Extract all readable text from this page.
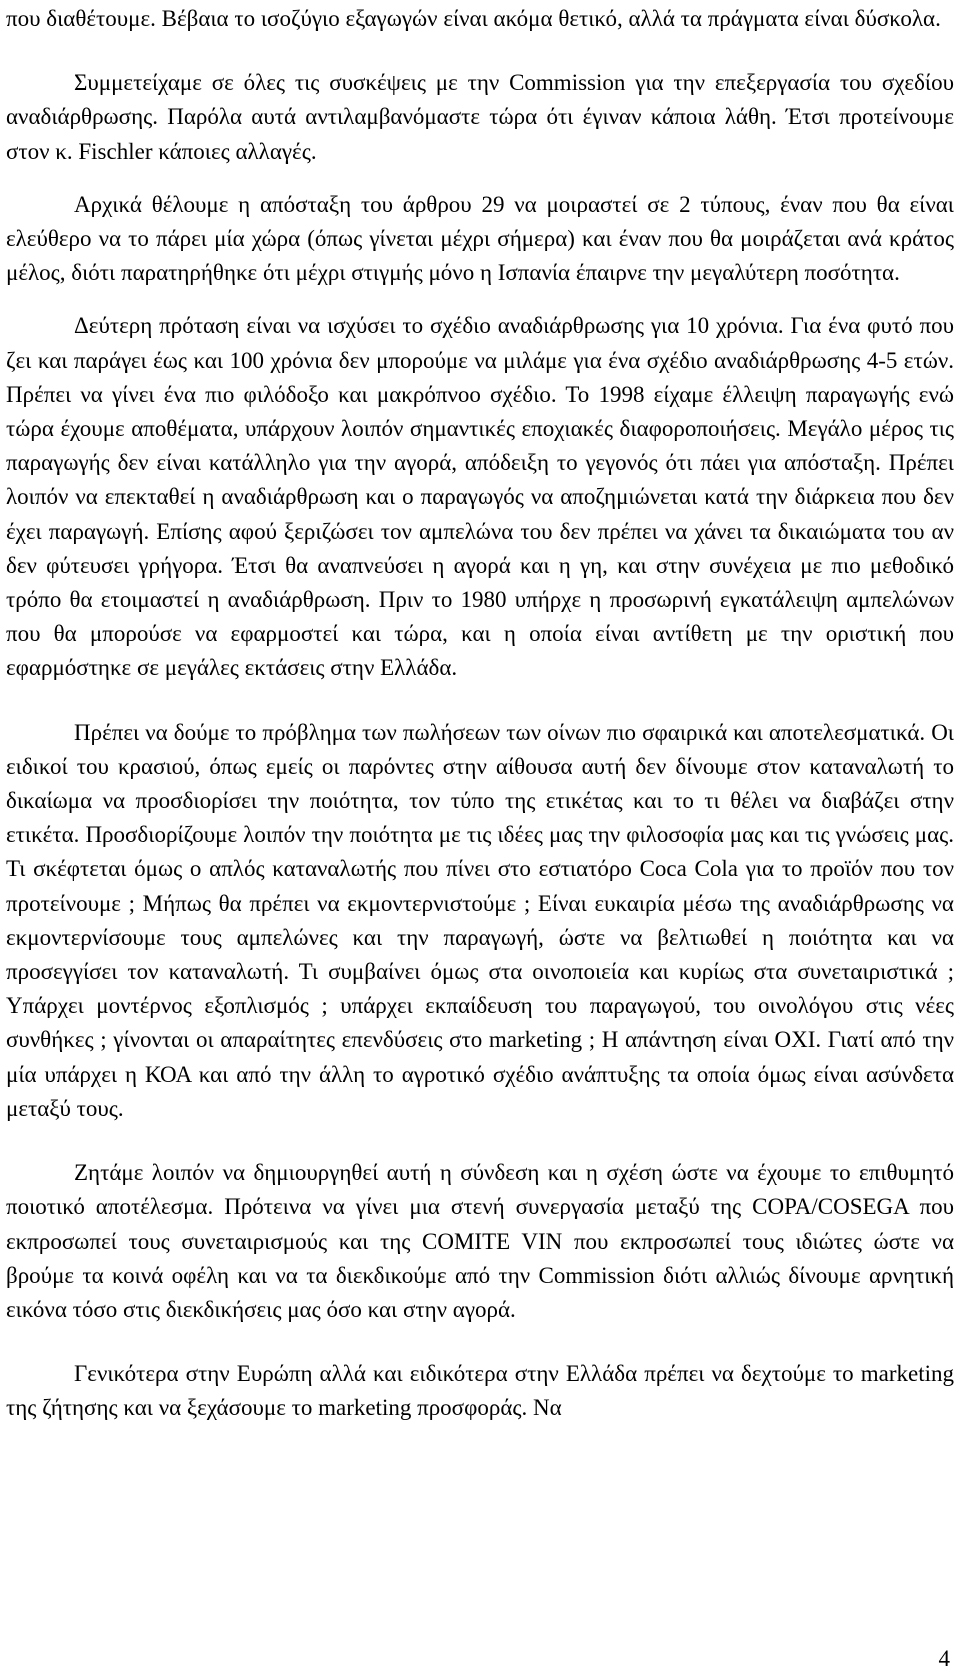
που διαθέτουμε. Βέβαια το ισοζύγιο εξαγωγών είναι ακόμα θετικό, αλλά τα πράγματα είναι δύσκολα.

Συμμετείχαμε σε όλες τις συσκέψεις με την Commission για την επεξεργασία του σχεδίου αναδιάρθρωσης. Παρόλα αυτά αντιλαμβανόμαστε τώρα ότι έγιναν κάποια λάθη. Έτσι προτείνουμε στον κ. Fischler κάποιες αλλαγές.

Αρχικά θέλουμε η απόσταξη του άρθρου 29 να μοιραστεί σε 2 τύπους, έναν που θα είναι ελεύθερο να το πάρει μία χώρα (όπως γίνεται μέχρι σήμερα) και έναν που θα μοιράζεται ανά κράτος μέλος, διότι παρατηρήθηκε ότι μέχρι στιγμής μόνο η Ισπανία έπαιρνε την μεγαλύτερη ποσότητα.

Δεύτερη πρόταση είναι να ισχύσει το σχέδιο αναδιάρθρωσης για 10 χρόνια. Για ένα φυτό που ζει και παράγει έως και 100 χρόνια δεν μπορούμε να μιλάμε για ένα σχέδιο αναδιάρθρωσης 4-5 ετών. Πρέπει να γίνει ένα πιο φιλόδοξο και μακρόπνοο σχέδιο. Το 1998 είχαμε έλλειψη παραγωγής ενώ τώρα έχουμε αποθέματα, υπάρχουν λοιπόν σημαντικές εποχιακές διαφοροποιήσεις. Μεγάλο μέρος τις παραγωγής δεν είναι κατάλληλο για την αγορά, απόδειξη το γεγονός ότι πάει για απόσταξη. Πρέπει λοιπόν να επεκταθεί η αναδιάρθρωση και ο παραγωγός να αποζημιώνεται κατά την διάρκεια που δεν έχει παραγωγή. Επίσης αφού ξεριζώσει τον αμπελώνα του δεν πρέπει να χάνει τα δικαιώματα του αν δεν φύτευσει γρήγορα. Έτσι θα αναπνεύσει η αγορά και η γη, και στην συνέχεια με πιο μεθοδικό τρόπο θα ετοιμαστεί η αναδιάρθρωση. Πριν το 1980 υπήρχε η προσωρινή εγκατάλειψη αμπελώνων που θα μπορούσε να εφαρμοστεί και τώρα, και η οποία είναι αντίθετη με την οριστική που εφαρμόστηκε σε μεγάλες εκτάσεις στην Ελλάδα.

Πρέπει να δούμε το πρόβλημα των πωλήσεων των οίνων πιο σφαιρικά και αποτελεσματικά. Οι ειδικοί του κρασιού, όπως εμείς οι παρόντες στην αίθουσα αυτή δεν δίνουμε στον καταναλωτή το δικαίωμα να προσδιορίσει την ποιότητα, τον τύπο της ετικέτας και το τι θέλει να διαβάζει στην ετικέτα. Προσδιορίζουμε λοιπόν την ποιότητα με τις ιδέες μας την φιλοσοφία μας και τις γνώσεις μας. Τι σκέφτεται όμως ο απλός καταναλωτής που πίνει στο εστιατόρο Coca Cola για το προϊόν που τον προτείνουμε ; Μήπως θα πρέπει να εκμοντερνιστούμε ; Είναι ευκαιρία μέσω της αναδιάρθρωσης να εκμοντερνίσουμε τους αμπελώνες και την παραγωγή, ώστε να βελτιωθεί η ποιότητα και να προσεγγίσει τον καταναλωτή. Τι συμβαίνει όμως στα οινοποιεία και κυρίως στα συνεταιριστικά ; Υπάρχει μοντέρνος εξοπλισμός ; υπάρχει εκπαίδευση του παραγωγού, του οινολόγου στις νέες συνθήκες ; γίνονται οι απαραίτητες επενδύσεις στο marketing ; Η απάντηση είναι ΟΧΙ. Γιατί από την μία υπάρχει η ΚΟΑ και από την άλλη το αγροτικό σχέδιο ανάπτυξης τα οποία όμως είναι ασύνδετα μεταξύ τους.

Ζητάμε λοιπόν να δημιουργηθεί αυτή η σύνδεση και η σχέση ώστε να έχουμε το επιθυμητό ποιοτικό αποτέλεσμα. Πρότεινα να γίνει μια στενή συνεργασία μεταξύ της COPA/COSEGA που εκπροσωπεί τους συνεταιρισμούς και της COMITE VIN που εκπροσωπεί τους ιδιώτες ώστε να βρούμε τα κοινά οφέλη και να τα διεκδικούμε από την Commission διότι αλλιώς δίνουμε αρνητική εικόνα τόσο στις διεκδικήσεις μας όσο και στην αγορά.

Γενικότερα στην Ευρώπη αλλά και ειδικότερα στην Ελλάδα πρέπει να δεχτούμε το marketing της ζήτησης και να ξεχάσουμε το marketing προσφοράς. Να

4
